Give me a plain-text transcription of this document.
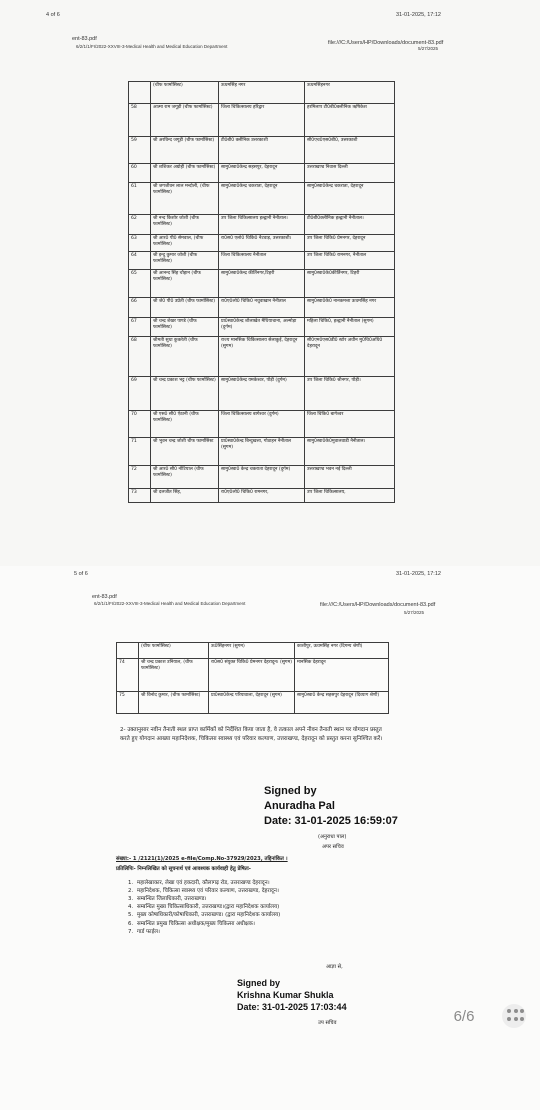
4 of 6	31-01-2025, 17:12
ent-83.pdf
6/2/1/1/FI/2022-XXVIII-3-Medical Health and Medical Education Department
file:///C:/Users/HP/Downloads/document-83.pdf
5/27/2025
	(चीफ फार्मासिस्ट)	ऊधमसिंह नगर	ऊधमसिंहनगर
58	आत्मा राम जगूड़ी (चीफ फार्मासिस्ट)	जिला चिकित्सालय हरिद्वार	हरमिलाप टी0बी0क्लीनिक ऋषिकेश
59	श्री अरविन्द जगूड़ी (चीफ फार्मासिस्ट)	टी0बी0 क्लीनिक उत्तरकाशी	सी0एच0एस0बी0, उत्तरकाशी
60	श्री शशिकर अग्रोही (चीफ फार्मासिस्ट)	सामु0स्वा0केन्द्र सहसपुर, देहरादून	उत्तराखण्ड निवास दिल्ली
61	श्री जगजीवन लाल मन्दोली, (चीफ फार्मासिस्ट)	सामु0स्वा0केन्द्र चकराता, देहरादून	सामु0स्वा0केन्द्र चकराता, देहरादून
62	श्री नन्द किशोर जोशी (चीफ फार्मासिस्ट)	उप जिला चिकित्सालय हल्द्वानी नैनीताल।	टी0बी0क्लीनिक हल्द्वानी नैनीताल।
63	श्री आर0 पी0 सेमवाल, (चीफ फार्मासिस्ट)	रा0स0 एलो0 चिकि0 नैटवाड़, उत्तरकाशी।	उप जिला चिकि0 प्रेमनगर, देहरादून
64	श्री इन्दु कुमार जोशी (चीफ फार्मासिस्ट)	जिला चिकित्सालय नैनीताल	उप जिला चिकि0 रामनगर, नैनीताल
65	श्री आनन्द सिंह चौहान (चीफ फार्मासिस्ट)	सामु0स्वा0केन्द्र कीर्तिनगर,टिहरी	सामु0स्वा0के0कीर्तिनगर, टिहरी
66	श्री जे0 पी0 उप्रेती (चीफ फार्मासिस्ट)	रा0ए0लो0 चिकि0 नथुवाखान नैनीताल	सामु0स्वा0के0 नानकमत्ता ऊधमसिंह नगर
67	श्री चन्द्र शेखर पाण्डे (चीफ फार्मासिस्ट)	प्रा0स्वा0केन्द्र शौलाखेत मैथियाचाना, अल्मोड़ा (दुर्गम)	महिला चिकि0, हल्द्वानी नैनीताल (सुगम)
68	श्रीमती सुधा कुकरेती (चीफ फार्मासिस्ट)	राज्य मानसिक चिकित्सालय सेलाकुई, देहरादून (सुगम)	सी0एम0एस0डी0 स्टोर अधीन मु0चि0अधि0 देहरादून
69	श्री चन्द्र प्रकाश भट्ट (चीफ फार्मासिस्ट)	सामु0स्वा0केन्द्र यमकेश्वर, पौड़ी (दुर्गम)	उप जिला चिकि0 श्रीनगर, पौड़ी।
70	श्री एस0 सी0 ऐठानी (चीफ फार्मासिस्ट)	जिला चिकित्सालय बागेश्वर (दुर्गम)	जिला चिकि0 बागेश्वर
71	श्री भुवन चन्द्र जोशी चीफ फार्मासिस्ट	प्रा0स्वा0केन्द्र बिन्दुखत्ता, गोठाहन नैनीताल (सुगम)	सामु0स्वा0के0मुवालवाडी नैनीताल।
72	श्री आर0 सी0 नौटियाल (चीफ फार्मासिस्ट)	सामु0स्वा0 केन्द्र चकराता देहरादून (दुर्गम)	उत्तराखण्ड भवन नई दिल्ली
73	श्री दलजीत सिंह,	रा0ए0लो0 चिकि0 रामनगर,	उप जिला चिकित्सालय,
5 of 6	31-01-2025, 17:12
ent-83.pdf
6/2/1/1/FI/2022-XXVIII-3-Medical Health and Medical Education Department	file:///C:/Users/HP/Downloads/document-83.pdf
5/27/2025
	(चीफ फार्मासिस्ट)	ऊ0सिंहनगर (सुगम)	काशीपुर, ऊधमसिंह नगर (दिगम्य श्रेणी)
74	श्री चन्द्र प्रकाश उनियाल, (चीफ फार्मासिस्ट)	रा0स0 संयुक्त चिकि0 प्रेमनगर देहरादून। (सुगम)	मानसिक देहरादून
75	श्री विनोद कुमार, (चीफ फार्मासिस्ट)	प्रा0स्वा0केन्द्र परियावाला, देहरादून (सुगम)	सामु0स्वा0 केन्द्र सहसपुर देहरादून (दिव्याग श्रेणी)
2- उक्तानुसार नवीन तैनाती स्थल प्राप्त कार्मिकों को निर्देशित किया जाता है, वे तत्काल अपने नीवन तैनाती स्थान पर योगदान प्रस्तुत करते हुए योगदान आख्या महानिदेशक, चिकित्सा स्वास्थ्य एवं परिवार कल्याण, उत्तराखण्ड, देहरादून को प्रस्तुत करना सुनिश्चित करें।
Signed by
Anuradha Pal
Date: 31-01-2025 16:59:07
(अनुराधा पाल)
अपर सचिव
संख्या:- 1 /2121(1)/2025 e-file/Comp.No-37929/2023, तद्दिनांकित ।
प्रतिलिपिः- निम्नलिखित को सूचनार्थ एवं आवश्यक कार्यवाही हेतु प्रेषितः-
1. महालेखाकार, लेखा एवं हकदारी, कौलागढ़ रोड, उत्तराखण्ड देहरादून।
2. महानिदेशक, चिकित्सा स्वास्थ्य एवं परिवार कल्याण, उत्तराखण्ड, देहरादून।
3. सम्बन्धित जिलाधिकारी, उत्तराखण्ड।
4. सम्बन्धित मुख्य चिकित्साधिकारी, उत्तराखण्ड।(द्वारा महानिदेशक कार्यालय)
5. मुख्य कोषाधिकारी/कोषाधिकारी, उत्तराखण्ड। (द्वारा महानिदेशक कार्यालय)
6. सम्बन्धित प्रमुख चिकित्सा अधीक्षक/मुख्य चिकित्सा अधीक्षक।
7. गार्ड फाईल।
आज्ञा से,
Signed by
Krishna Kumar Shukla
Date: 31-01-2025 17:03:44
उप सचिव	6/6
